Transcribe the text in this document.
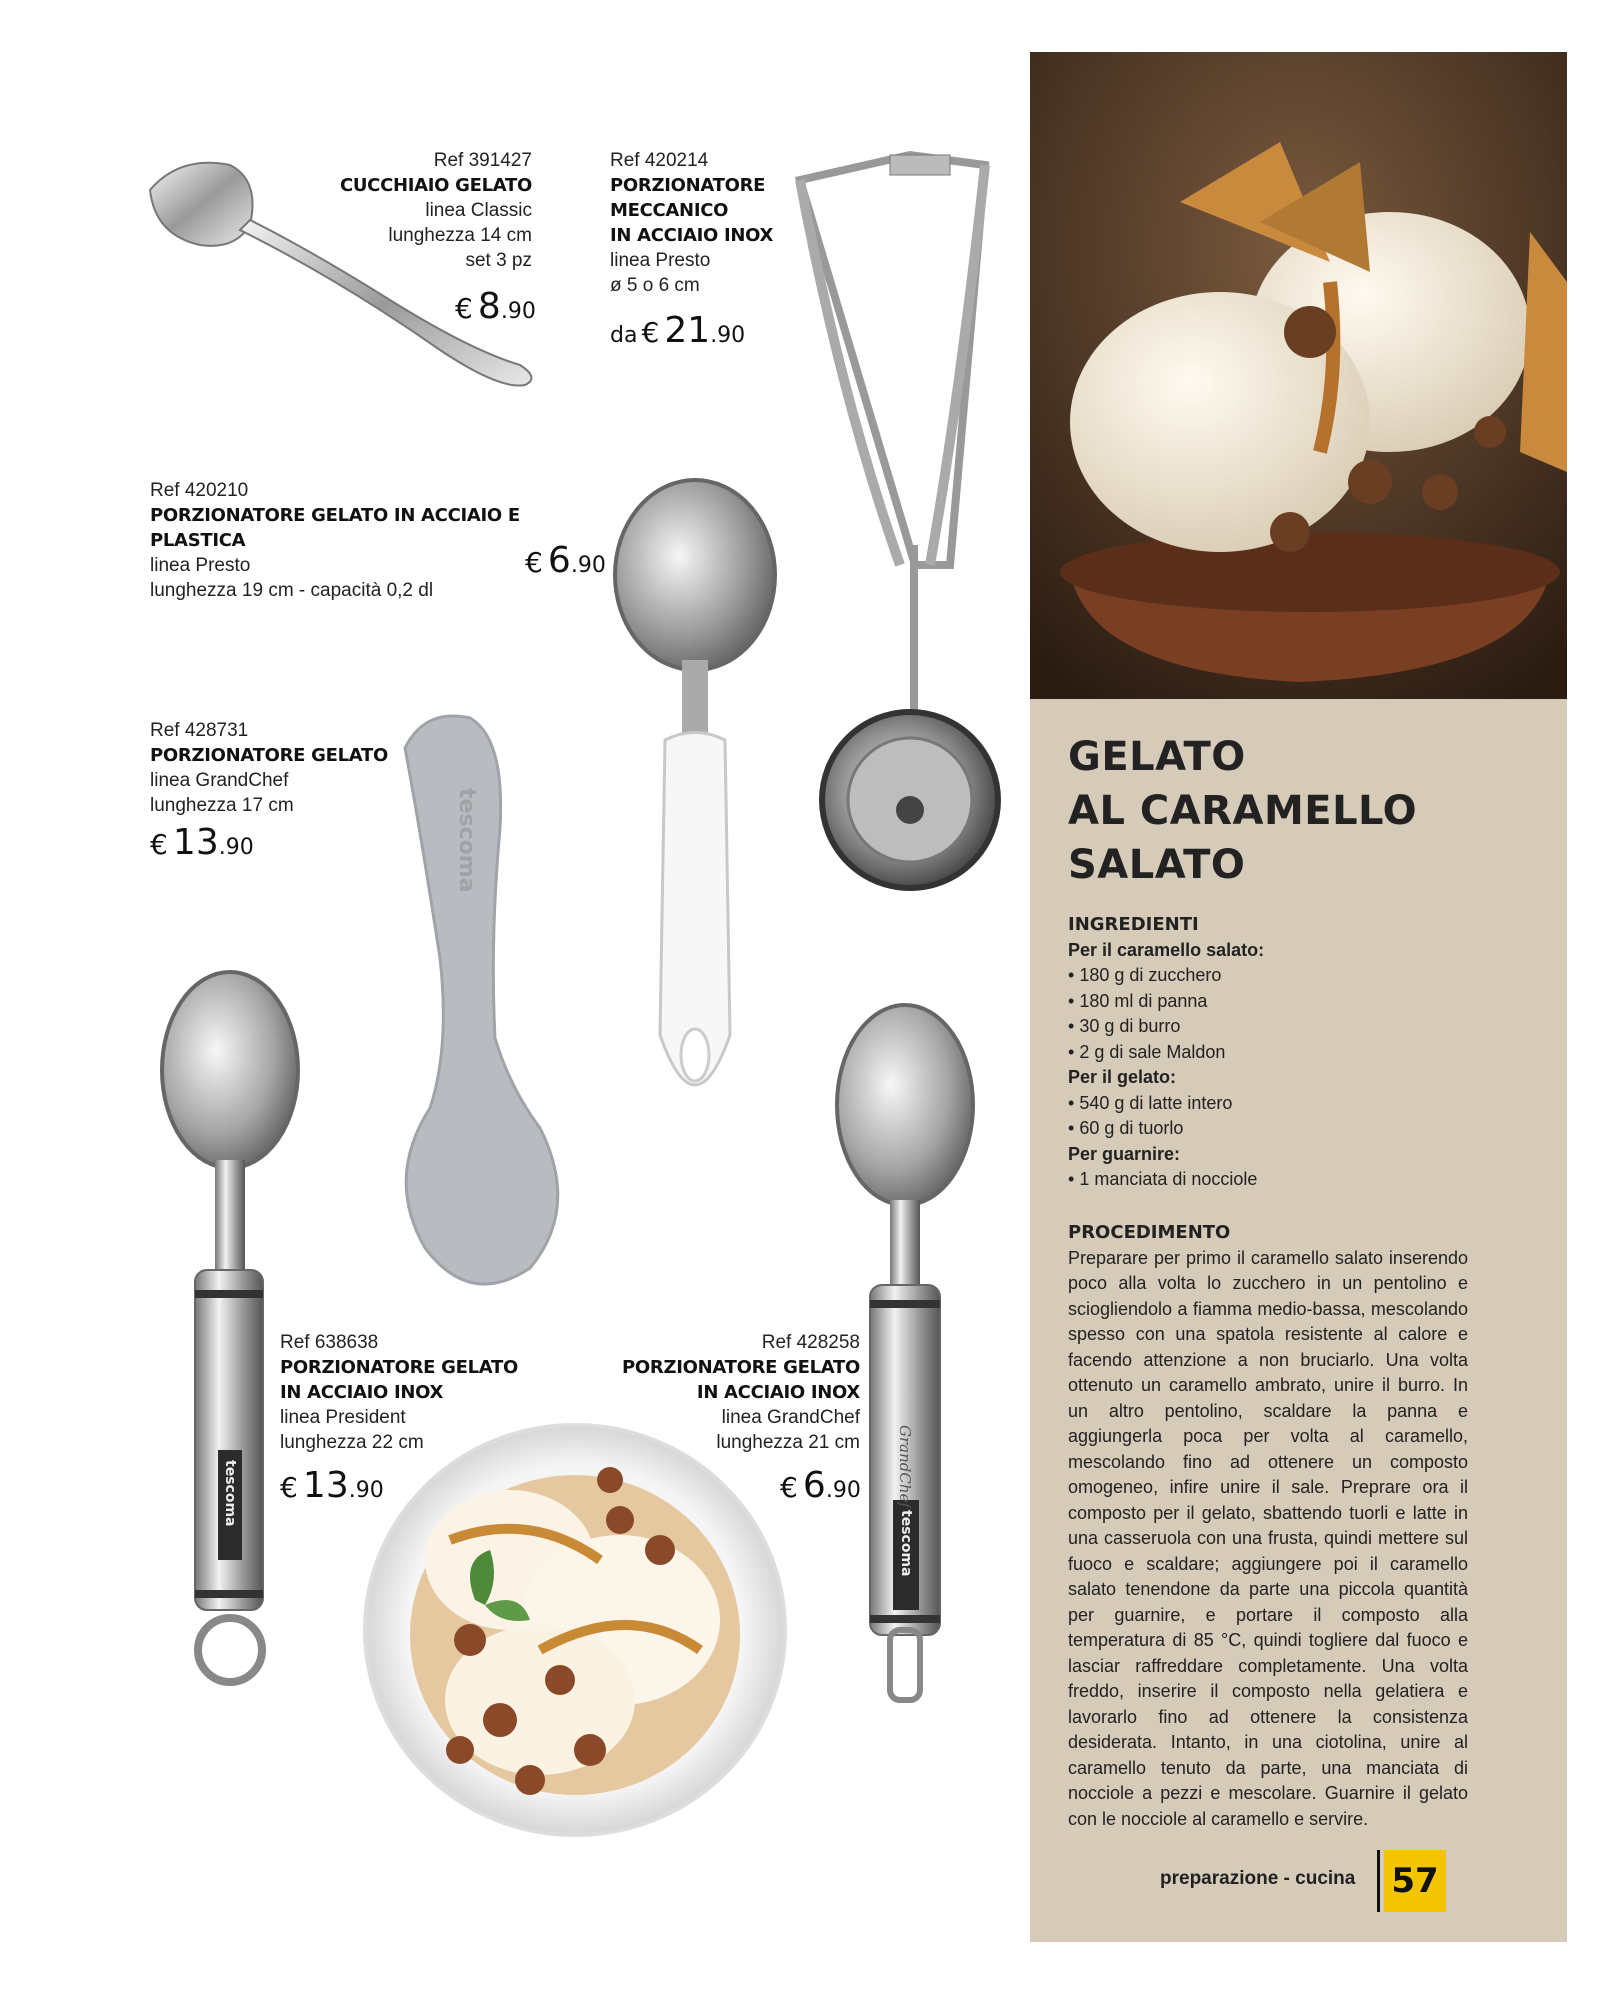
Ref 391427
CUCCHIAIO GELATO
linea Classic
lunghezza 14 cm
set 3 pz
€ 8.90
Ref 420214
PORZIONATORE
MECCANICO
IN ACCIAIO INOX
linea Presto
ø 5 o 6 cm
da € 21.90
Ref 420210
PORZIONATORE GELATO IN ACCIAIO E PLASTICA
linea Presto
lunghezza 19 cm - capacità 0,2 dl
€ 6.90
Ref 428731
PORZIONATORE GELATO
linea GrandChef
lunghezza 17 cm
€ 13.90	tescoma
tescoma
Ref 638638
PORZIONATORE GELATO
IN ACCIAIO INOX
linea President
lunghezza 22 cm
€ 13.90
Ref 428258
PORZIONATORE GELATO
IN ACCIAIO INOX
linea GrandChef
lunghezza 21 cm
€ 6.90 GrandChef
tescoma
GELATO
AL CARAMELLO
SALATO
INGREDIENTI
Per il caramello salato:
• 180 g di zucchero
• 180 ml di panna
• 30 g di burro
• 2 g di sale Maldon
Per il gelato:
• 540 g di latte intero
• 60 g di tuorlo
Per guarnire:
• 1 manciata di nocciole
PROCEDIMENTO

Preparare per primo il caramello salato inserendo poco alla volta lo zucchero in un pentolino e sciogliendolo a fiamma medio-bassa, mescolando spesso con una spatola resistente al calore e facendo attenzione a non bruciarlo. Una volta ottenuto un caramello ambrato, unire il burro. In un altro pentolino, scaldare la panna e aggiungerla poca per volta al caramello, mescolando fino ad ottenere un composto omogeneo, infire unire il sale. Preprare ora il composto per il gelato, sbattendo tuorli e latte in una casseruola con una frusta, quindi mettere sul fuoco e scaldare; aggiungere poi il caramello salato tenendone da parte una piccola quantità per guarnire, e portare il composto alla temperatura di 85 °C, quindi togliere dal fuoco e lasciar raffreddare completamente. Una volta freddo, inserire il composto nella gelatiera e lavorarlo fino ad ottenere la consistenza desiderata. Intanto, in una ciotolina, unire al caramello tenuto da parte, una manciata di nocciole a pezzi e mescolare. Guarnire il gelato con le nocciole al caramello e servire.

preparazione - cucina 57
